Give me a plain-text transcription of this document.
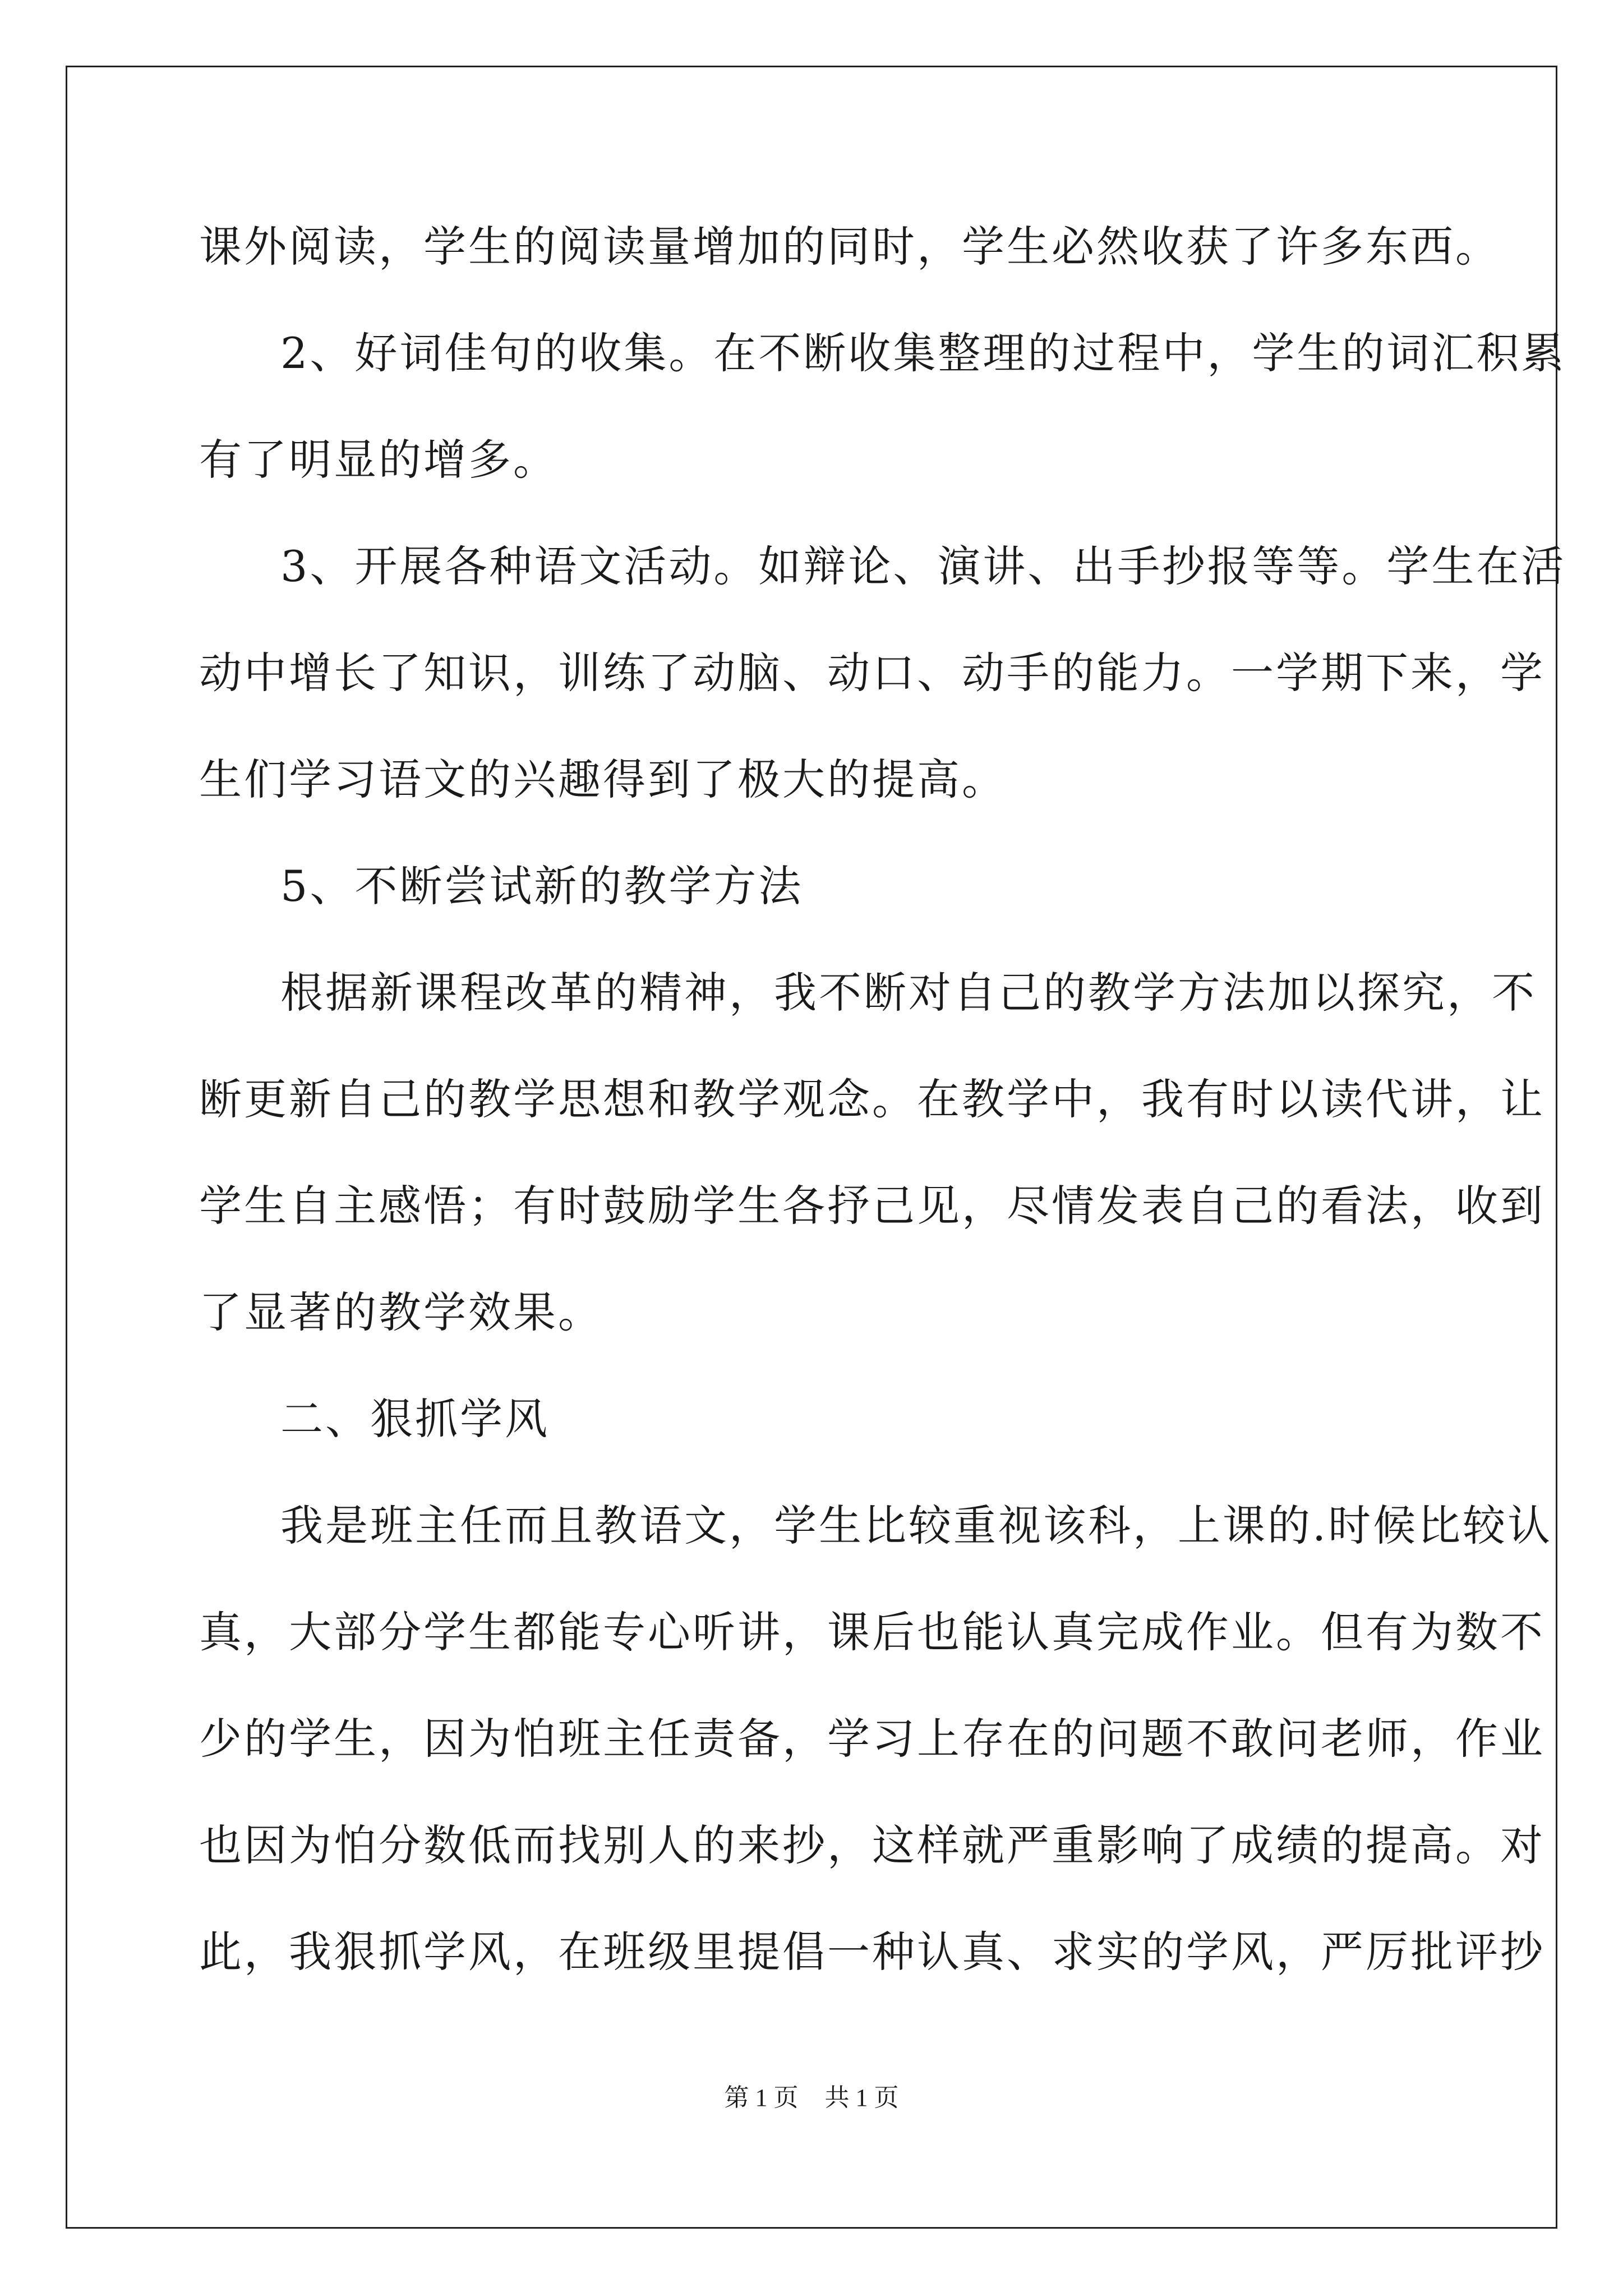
课外阅读，学生的阅读量增加的同时，学生必然收获了许多东西。
2、好词佳句的收集。在不断收集整理的过程中，学生的词汇积累
有了明显的增多。
3、开展各种语文活动。如辩论、演讲、出手抄报等等。学生在活
动中增长了知识，训练了动脑、动口、动手的能力。一学期下来，学
生们学习语文的兴趣得到了极大的提高。
5、不断尝试新的教学方法
根据新课程改革的精神，我不断对自己的教学方法加以探究，不
断更新自己的教学思想和教学观念。在教学中，我有时以读代讲，让
学生自主感悟；有时鼓励学生各抒己见，尽情发表自己的看法，收到
了显著的教学效果。
二、狠抓学风
我是班主任而且教语文，学生比较重视该科，上课的.时候比较认
真，大部分学生都能专心听讲，课后也能认真完成作业。但有为数不
少的学生，因为怕班主任责备，学习上存在的问题不敢问老师，作业
也因为怕分数低而找别人的来抄，这样就严重影响了成绩的提高。对
此，我狠抓学风，在班级里提倡一种认真、求实的学风，严厉批评抄
第 1 页 共 1 页
